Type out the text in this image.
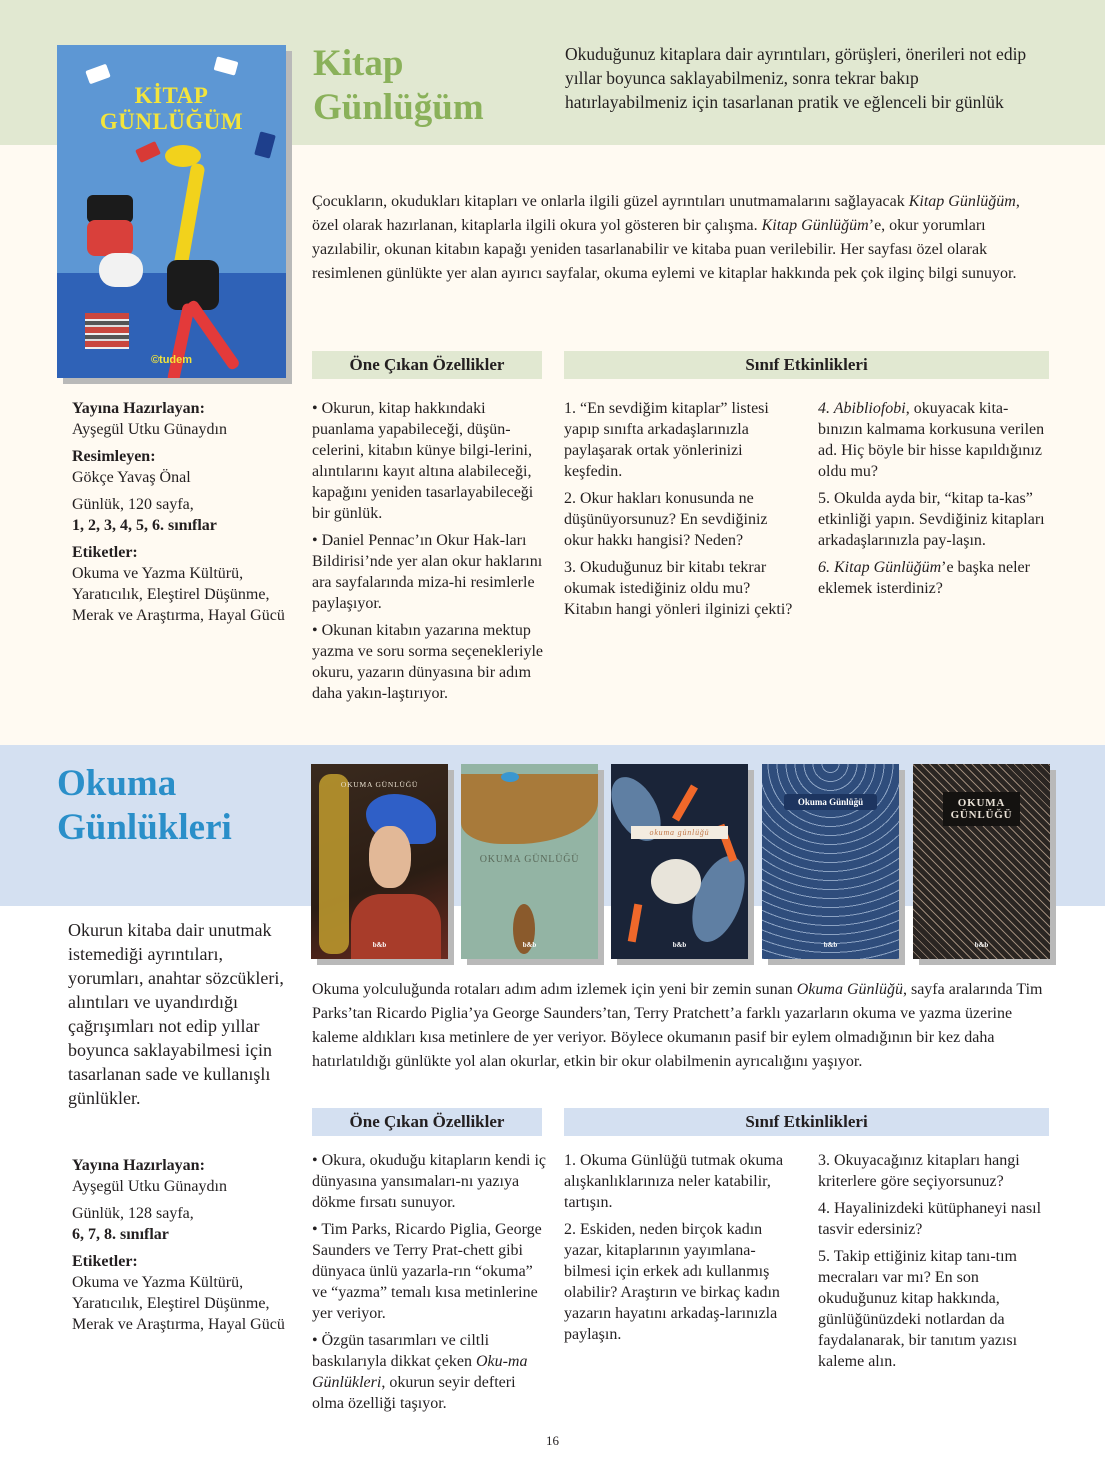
KİTAP
GÜNLÜĞÜM
©tudem
Kitap
Günlüğüm
Okuduğunuz kitaplara dair ayrıntıları, görüşleri, önerileri not edip yıllar boyunca saklayabilmeniz, sonra tekrar bakıp hatırlayabilmeniz için tasarlanan pratik ve eğlenceli bir günlük
Çocukların, okudukları kitapları ve onlarla ilgili güzel ayrıntıları unutmamalarını sağlayacak Kitap Günlüğüm, özel olarak hazırlanan, kitaplarla ilgili okura yol gösteren bir çalışma. Kitap Günlüğüm’e, okur yorumları yazılabilir, okunan kitabın kapağı yeniden tasarlanabilir ve kitaba puan verilebilir. Her sayfası özel olarak resimlenen günlükte yer alan ayırıcı sayfalar, okuma eylemi ve kitaplar hakkında pek çok ilginç bilgi sunuyor.

Yayına Hazırlayan:
Ayşegül Utku Günaydın

Resimleyen:
Gökçe Yavaş Önal

Günlük, 120 sayfa,
1, 2, 3, 4, 5, 6. sınıflar

Etiketler:
Okuma ve Yazma Kültürü, Yaratıcılık, Eleştirel Düşünme, Merak ve Araştırma, Hayal Gücü

Öne Çıkan Özellikler

• Okurun, kitap hakkındaki puanlama yapabileceği, düşün-celerini, kitabın künye bilgi-lerini, alıntılarını kayıt altına alabileceği, kapağını yeniden tasarlayabileceği bir günlük.

• Daniel Pennac’ın Okur Hak-ları Bildirisi’nde yer alan okur haklarını ara sayfalarında miza-hi resimlerle paylaşıyor.

• Okunan kitabın yazarına mektup yazma ve soru sorma seçenekleriyle okuru, yazarın dünyasına bir adım daha yakın-laştırıyor.

Sınıf Etkinlikleri

1. “En sevdiğim kitaplar” listesi yapıp sınıfta arkadaşlarınızla paylaşarak ortak yönlerinizi keşfedin.

2. Okur hakları konusunda ne düşünüyorsunuz? En sevdiğiniz okur hakkı hangisi? Neden?

3. Okuduğunuz bir kitabı tekrar okumak istediğiniz oldu mu? Kitabın hangi yönleri ilginizi çekti?

4. Abibliofobi, okuyacak kita-bınızın kalmama korkusuna verilen ad. Hiç böyle bir hisse kapıldığınız oldu mu?

5. Okulda ayda bir, “kitap ta-kas” etkinliği yapın. Sevdiğiniz kitapları arkadaşlarınızla pay-laşın.

6. Kitap Günlüğüm’e başka neler eklemek isterdiniz?

Okuma
Günlükleri
OKUMA GÜNLÜĞÜ
b&b
OKUMA GÜNLÜĞÜ
b&b
okuma günlüğü
b&b
Okuma Günlüğü
b&b
OKUMA GÜNLÜĞÜ
b&b
Okurun kitaba dair unutmak istemediği ayrıntıları, yorumları, anahtar sözcükleri, alıntıları ve uyandırdığı çağrışımları not edip yıllar boyunca saklayabilmesi için tasarlanan sade ve kullanışlı günlükler.
Okuma yolculuğunda rotaları adım adım izlemek için yeni bir zemin sunan Okuma Günlüğü, sayfa aralarında Tim Parks’tan Ricardo Piglia’ya George Saunders’tan, Terry Pratchett’a farklı yazarların okuma ve yazma üzerine kaleme aldıkları kısa metinlere de yer veriyor. Böylece okumanın pasif bir eylem olmadığının bir kez daha hatırlatıldığı günlükte yol alan okurlar, etkin bir okur olabilmenin ayrıcalığını yaşıyor.

Yayına Hazırlayan:
Ayşegül Utku Günaydın

Günlük, 128 sayfa,
6, 7, 8. sınıflar

Etiketler:
Okuma ve Yazma Kültürü, Yaratıcılık, Eleştirel Düşünme, Merak ve Araştırma, Hayal Gücü

Öne Çıkan Özellikler

• Okura, okuduğu kitapların kendi iç dünyasına yansımaları-nı yazıya dökme fırsatı sunuyor.

• Tim Parks, Ricardo Piglia, George Saunders ve Terry Prat-chett gibi dünyaca ünlü yazarla-rın “okuma” ve “yazma” temalı kısa metinlerine yer veriyor.

• Özgün tasarımları ve ciltli baskılarıyla dikkat çeken Oku-ma Günlükleri, okurun seyir defteri olma özelliği taşıyor.

Sınıf Etkinlikleri

1. Okuma Günlüğü tutmak okuma alışkanlıklarınıza neler katabilir, tartışın.

2. Eskiden, neden birçok kadın yazar, kitaplarının yayımlana-bilmesi için erkek adı kullanmış olabilir? Araştırın ve birkaç kadın yazarın hayatını arkadaş-larınızla paylaşın.

3. Okuyacağınız kitapları hangi kriterlere göre seçiyorsunuz?

4. Hayalinizdeki kütüphaneyi nasıl tasvir edersiniz?

5. Takip ettiğiniz kitap tanı-tım mecraları var mı? En son okuduğunuz kitap hakkında, günlüğünüzdeki notlardan da faydalanarak, bir tanıtım yazısı kaleme alın.

16
